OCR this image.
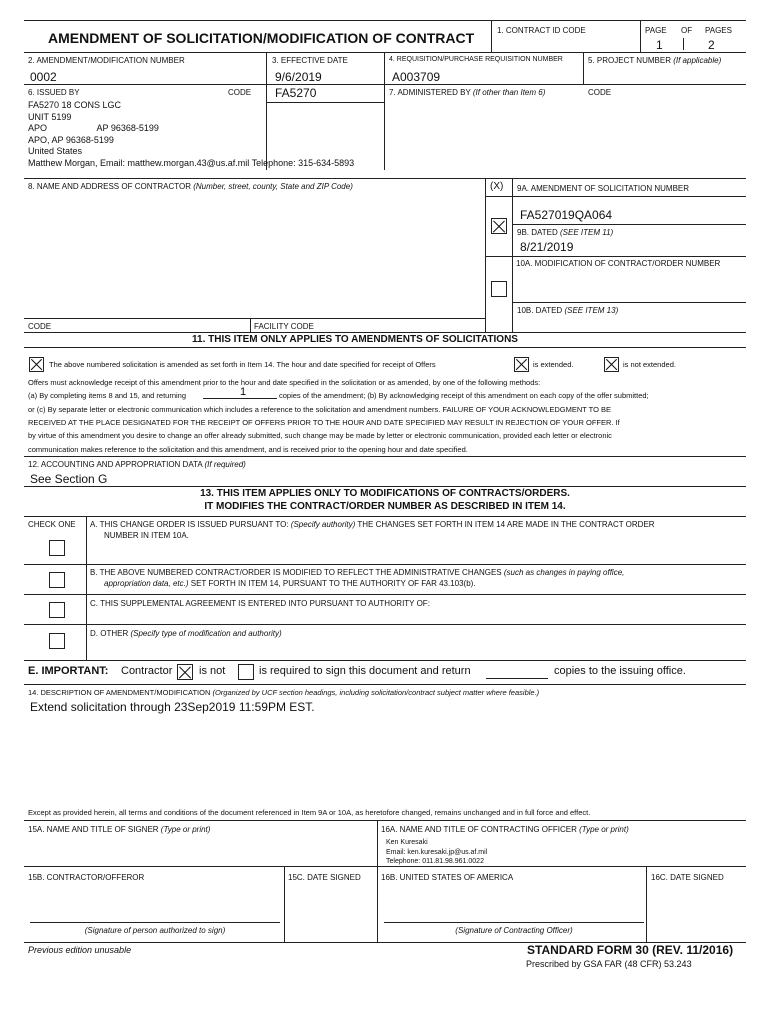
AMENDMENT OF SOLICITATION/MODIFICATION OF CONTRACT	1. CONTRACT ID CODE	PAGE OF PAGES
1	2
2. AMENDMENT/MODIFICATION NUMBER
0002
3. EFFECTIVE DATE
9/6/2019
4. REQUISITION/PURCHASE REQUISITION NUMBER
A003709
5. PROJECT NUMBER (If applicable)
6. ISSUED BY	CODE FA5270	7. ADMINISTERED BY (If other than Item 6)	CODE
FA5270 18 CONS LGC
UNIT 5199
APO                    AP 96368-5199
APO, AP 96368-5199
United States
Matthew Morgan, Email: matthew.morgan.43@us.af.mil Telephone: 315-634-5893
8. NAME AND ADDRESS OF CONTRACTOR (Number, street, county, State and ZIP Code)	(X) 9A. AMENDMENT OF SOLICITATION NUMBER
FA527019QA064
9B. DATED (SEE ITEM 11)
8/21/2019
10A. MODIFICATION OF CONTRACT/ORDER NUMBER
10B. DATED (SEE ITEM 13)
CODE	FACILITY CODE
11. THIS ITEM ONLY APPLIES TO AMENDMENTS OF SOLICITATIONS
The above numbered solicitation is amended as set forth in Item 14. The hour and date specified for receipt of Offers	is extended.	is not extended.
Offers must acknowledge receipt of this amendment prior to the hour and date specified in the solicitation or as amended, by one of the following methods:
(a) By completing items 8 and 15, and returning	1	copies of the amendment; (b) By acknowledging receipt of this amendment on each copy of the offer submitted;
or (c) By separate letter or electronic communication which includes a reference to the solicitation and amendment numbers. FAILURE OF YOUR ACKNOWLEDGMENT TO BE
RECEIVED AT THE PLACE DESIGNATED FOR THE RECEIPT OF OFFERS PRIOR TO THE HOUR AND DATE SPECIFIED MAY RESULT IN REJECTION OF YOUR OFFER. If
by virtue of this amendment you desire to change an offer already submitted, such change may be made by letter or electronic communication, provided each letter or electronic
communication makes reference to the solicitation and this amendment, and is received prior to the opening hour and date specified.
12. ACCOUNTING AND APPROPRIATION DATA (If required)
See Section G
13. THIS ITEM APPLIES ONLY TO MODIFICATIONS OF CONTRACTS/ORDERS.
IT MODIFIES THE CONTRACT/ORDER NUMBER AS DESCRIBED IN ITEM 14.
CHECK ONE A. THIS CHANGE ORDER IS ISSUED PURSUANT TO: (Specify authority) THE CHANGES SET FORTH IN ITEM 14 ARE MADE IN THE CONTRACT ORDER
NUMBER IN ITEM 10A.
B. THE ABOVE NUMBERED CONTRACT/ORDER IS MODIFIED TO REFLECT THE ADMINISTRATIVE CHANGES (such as changes in paying office,
appropriation data, etc.) SET FORTH IN ITEM 14, PURSUANT TO THE AUTHORITY OF FAR 43.103(b).
C. THIS SUPPLEMENTAL AGREEMENT IS ENTERED INTO PURSUANT TO AUTHORITY OF:
D. OTHER (Specify type of modification and authority)
E. IMPORTANT: Contractor is not	is required to sign this document and return	copies to the issuing office.
14. DESCRIPTION OF AMENDMENT/MODIFICATION (Organized by UCF section headings, including solicitation/contract subject matter where feasible.)
Extend solicitation through 23Sep2019 11:59PM EST.
Except as provided herein, all terms and conditions of the document referenced in Item 9A or 10A, as heretofore changed, remains unchanged and in full force and effect.
15A. NAME AND TITLE OF SIGNER (Type or print)	16A. NAME AND TITLE OF CONTRACTING OFFICER (Type or print)
Ken Kuresaki
Email: ken.kuresaki.jp@us.af.mil
Telephone: 011.81.98.961.0022
15B. CONTRACTOR/OFFEROR	15C. DATE SIGNED	16B. UNITED STATES OF AMERICA	16C. DATE SIGNED
(Signature of person authorized to sign)	(Signature of Contracting Officer)
Previous edition unusable	STANDARD FORM 30 (REV. 11/2016)
Prescribed by GSA FAR (48 CFR) 53.243
